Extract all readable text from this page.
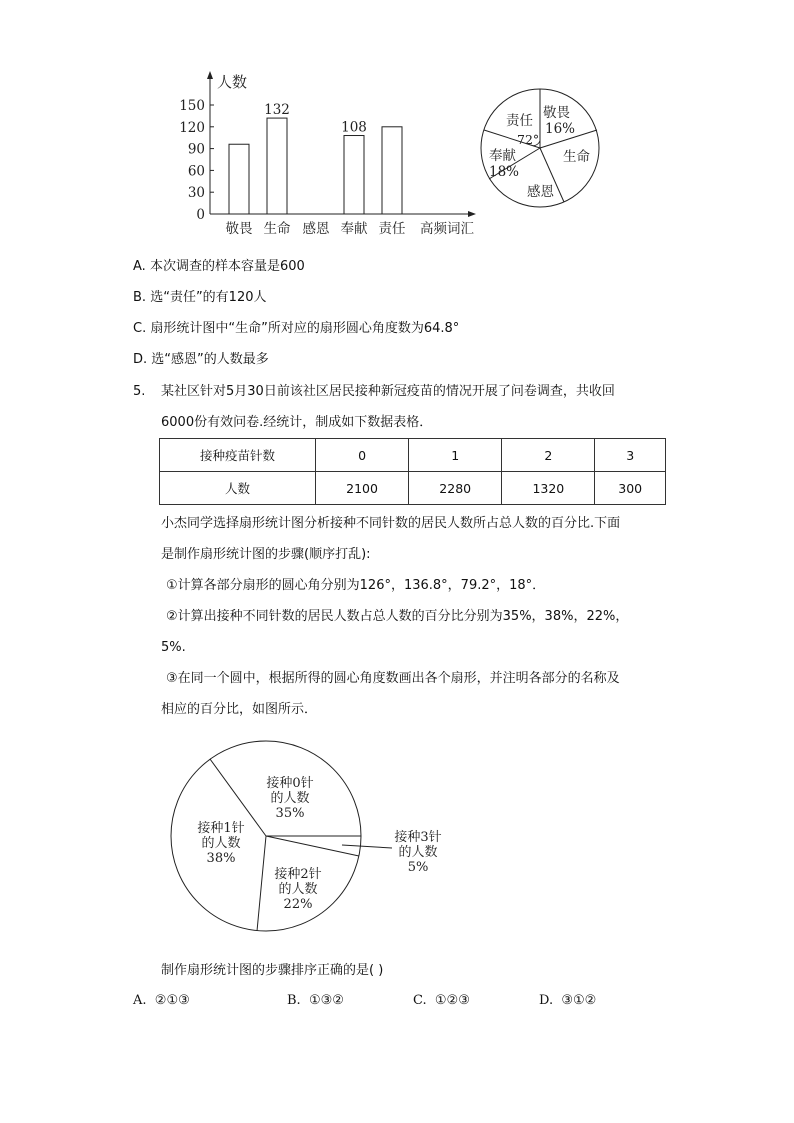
人数
0
30
60
90
120
150	132
108
敬畏 生命 感恩 奉献 责任 高频词汇
敬畏
16%
生命
感恩
奉献
18%
责任
72°
A. 本次调查的样本容量是600
B. 选“责任”的有120人
C. 扇形统计图中“生命”所对应的扇形圆心角度数为64.8°
D. 选“感恩”的人数最多
5. 某社区针对5月30日前该社区居民接种新冠疫苗的情况开展了问卷调查，共收回
6000份有效问卷.经统计，制成如下数据表格．
接种疫苗针数	0	1	2	3
人数	2100	2280	1320	300
小杰同学选择扇形统计图分析接种不同针数的居民人数所占总人数的百分比.下面
是制作扇形统计图的步骤(顺序打乱):
①计算各部分扇形的圆心角分别为126°，136.8°，79.2°，18°．
②计算出接种不同针数的居民人数占总人数的百分比分别为35%，38%，22%，
5%.
③在同一个圆中，根据所得的圆心角度数画出各个扇形，并注明各部分的名称及
相应的百分比，如图所示．
接种0针
的人数
35%
接种1针
的人数
38%
接种2针
的人数
22%
接种3针
的人数
5%
制作扇形统计图的步骤排序正确的是( )
A. ②①③	B. ①③②	C. ①②③	D. ③①②
